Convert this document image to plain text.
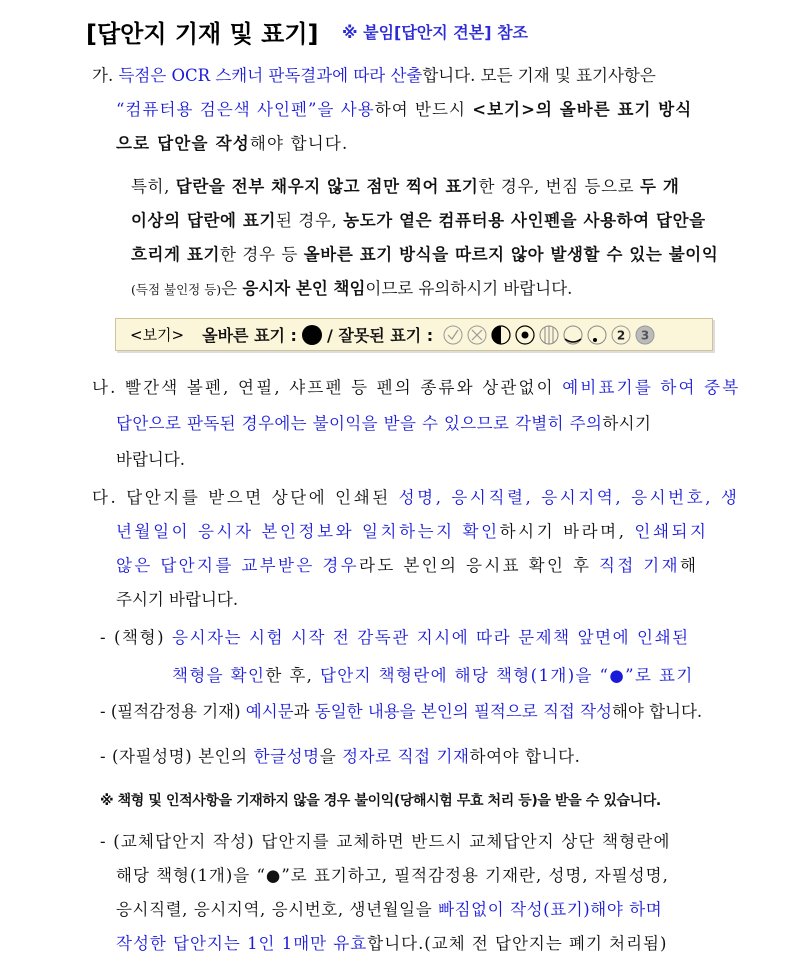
[답안지 기재 및 표기] ※ 붙임[답안지 견본] 참조
가. 득점은 OCR 스캐너 판독결과에 따라 산출합니다. 모든 기재 및 표기사항은
“컴퓨터용 검은색 사인펜”을 사용하여 반드시 <보기>의 올바른 표기 방식
으로 답안을 작성해야 합니다.
특히, 답란을 전부 채우지 않고 점만 찍어 표기한 경우, 번짐 등으로 두 개
이상의 답란에 표기된 경우, 농도가 옅은 컴퓨터용 사인펜을 사용하여 답안을
흐리게 표기한 경우 등 올바른 표기 방식을 따르지 않아 발생할 수 있는 불이익
(득점 불인정 등)은 응시자 본인 책임이므로 유의하시기 바랍니다.
<보기> 올바른 표기 : / 잘못된 표기 :	2 3
나. 빨간색 볼펜, 연필, 샤프펜 등 펜의 종류와 상관없이 예비표기를 하여 중복
답안으로 판독된 경우에는 불이익을 받을 수 있으므로 각별히 주의하시기
바랍니다.
다. 답안지를 받으면 상단에 인쇄된 성명, 응시직렬, 응시지역, 응시번호, 생
년월일이 응시자 본인정보와 일치하는지 확인하시기 바라며, 인쇄되지
않은 답안지를 교부받은 경우라도 본인의 응시표 확인 후 직접 기재해
주시기 바랍니다.
- (책형) 응시자는 시험 시작 전 감독관 지시에 따라 문제책 앞면에 인쇄된
책형을 확인한 후, 답안지 책형란에 해당 책형(1개)을 “●”로 표기
- (필적감정용 기재) 예시문과 동일한 내용을 본인의 필적으로 직접 작성해야 합니다.
- (자필성명) 본인의 한글성명을 정자로 직접 기재하여야 합니다.
※ 책형 및 인적사항을 기재하지 않을 경우 불이익(당해시험 무효 처리 등)을 받을 수 있습니다.
- (교체답안지 작성) 답안지를 교체하면 반드시 교체답안지 상단 책형란에
해당 책형(1개)을 “●”로 표기하고, 필적감정용 기재란, 성명, 자필성명,
응시직렬, 응시지역, 응시번호, 생년월일을 빠짐없이 작성(표기)해야 하며
작성한 답안지는 1인 1매만 유효합니다.(교체 전 답안지는 폐기 처리됨)
